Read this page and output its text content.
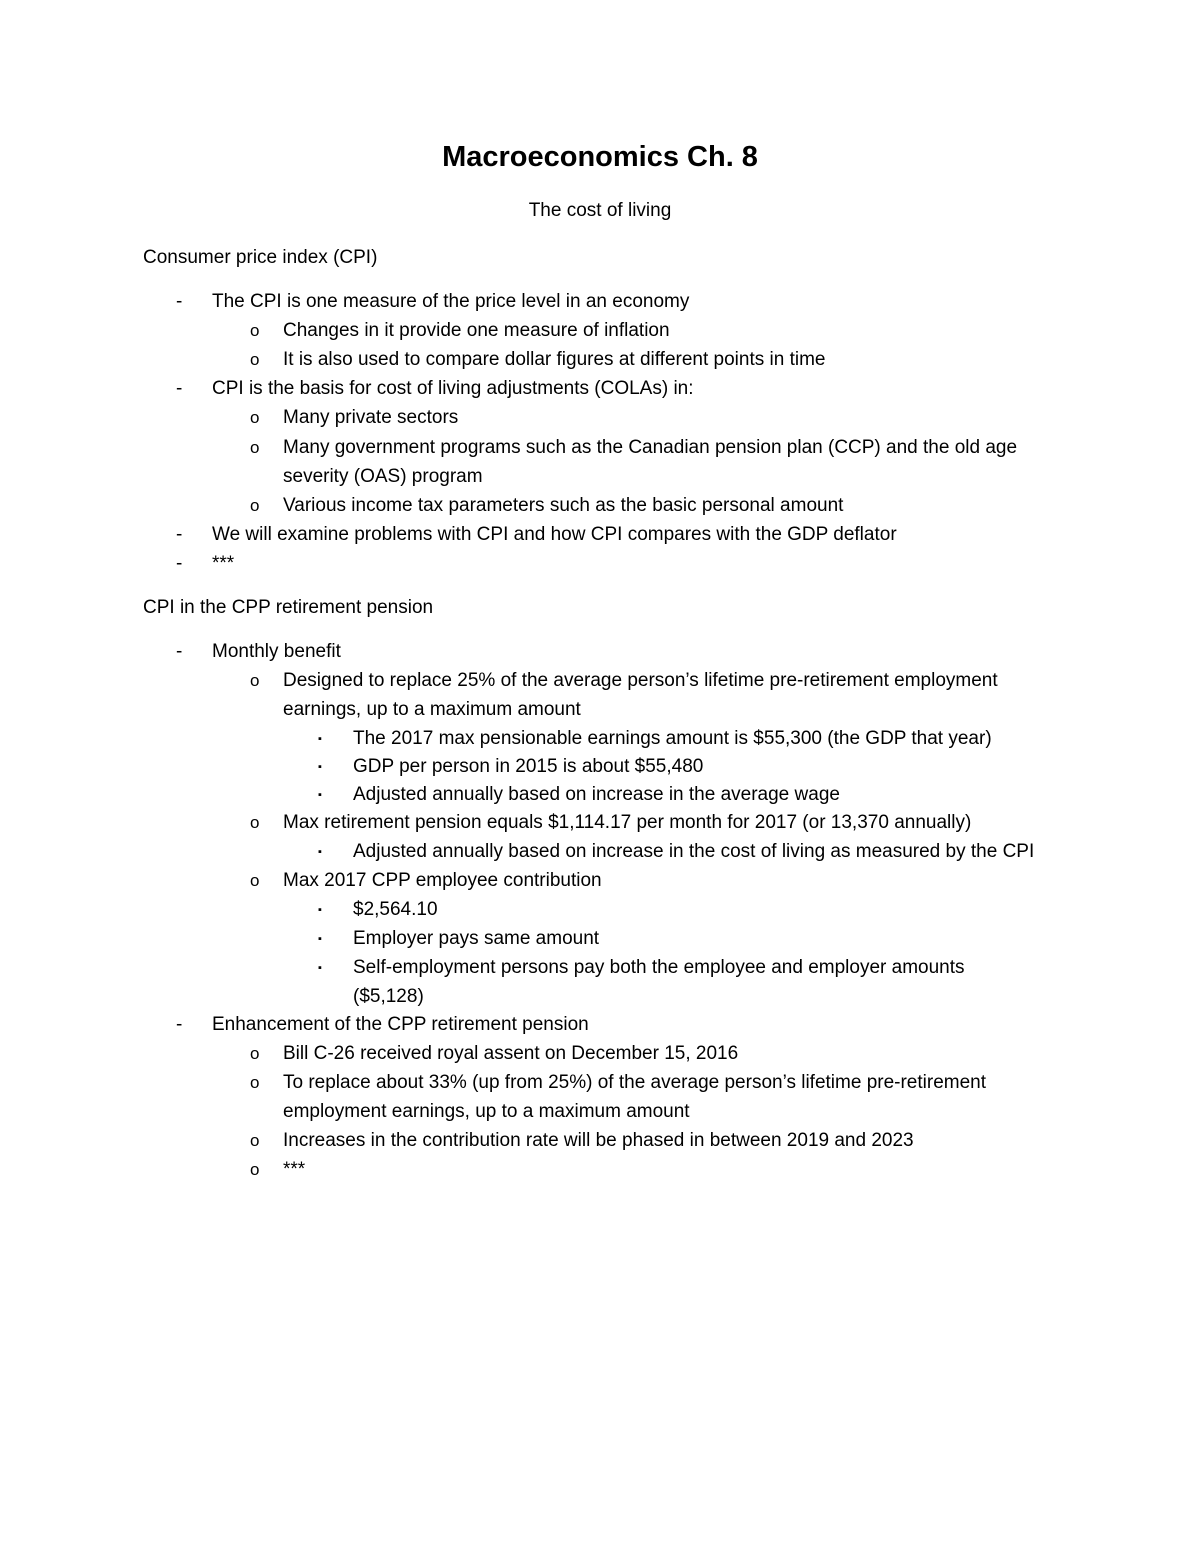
Macroeconomics Ch. 8
The cost of living
Consumer price index (CPI)
- The CPI is one measure of the price level in an economy
o Changes in it provide one measure of inflation
o It is also used to compare dollar figures at different points in time
- CPI is the basis for cost of living adjustments (COLAs) in:
o Many private sectors
o Many government programs such as the Canadian pension plan (CCP) and the old age
severity (OAS) program
o Various income tax parameters such as the basic personal amount
- We will examine problems with CPI and how CPI compares with the GDP deflator
- ***
CPI in the CPP retirement pension
- Monthly benefit
o Designed to replace 25% of the average person’s lifetime pre-retirement employment
earnings, up to a maximum amount
▪ The 2017 max pensionable earnings amount is $55,300 (the GDP that year)
▪ GDP per person in 2015 is about $55,480
▪ Adjusted annually based on increase in the average wage
o Max retirement pension equals $1,114.17 per month for 2017 (or 13,370 annually)
▪ Adjusted annually based on increase in the cost of living as measured by the CPI
o Max 2017 CPP employee contribution
▪ $2,564.10
▪ Employer pays same amount
▪ Self-employment persons pay both the employee and employer amounts
($5,128)
- Enhancement of the CPP retirement pension
o Bill C-26 received royal assent on December 15, 2016
o To replace about 33% (up from 25%) of the average person’s lifetime pre-retirement
employment earnings, up to a maximum amount
o Increases in the contribution rate will be phased in between 2019 and 2023
o ***
